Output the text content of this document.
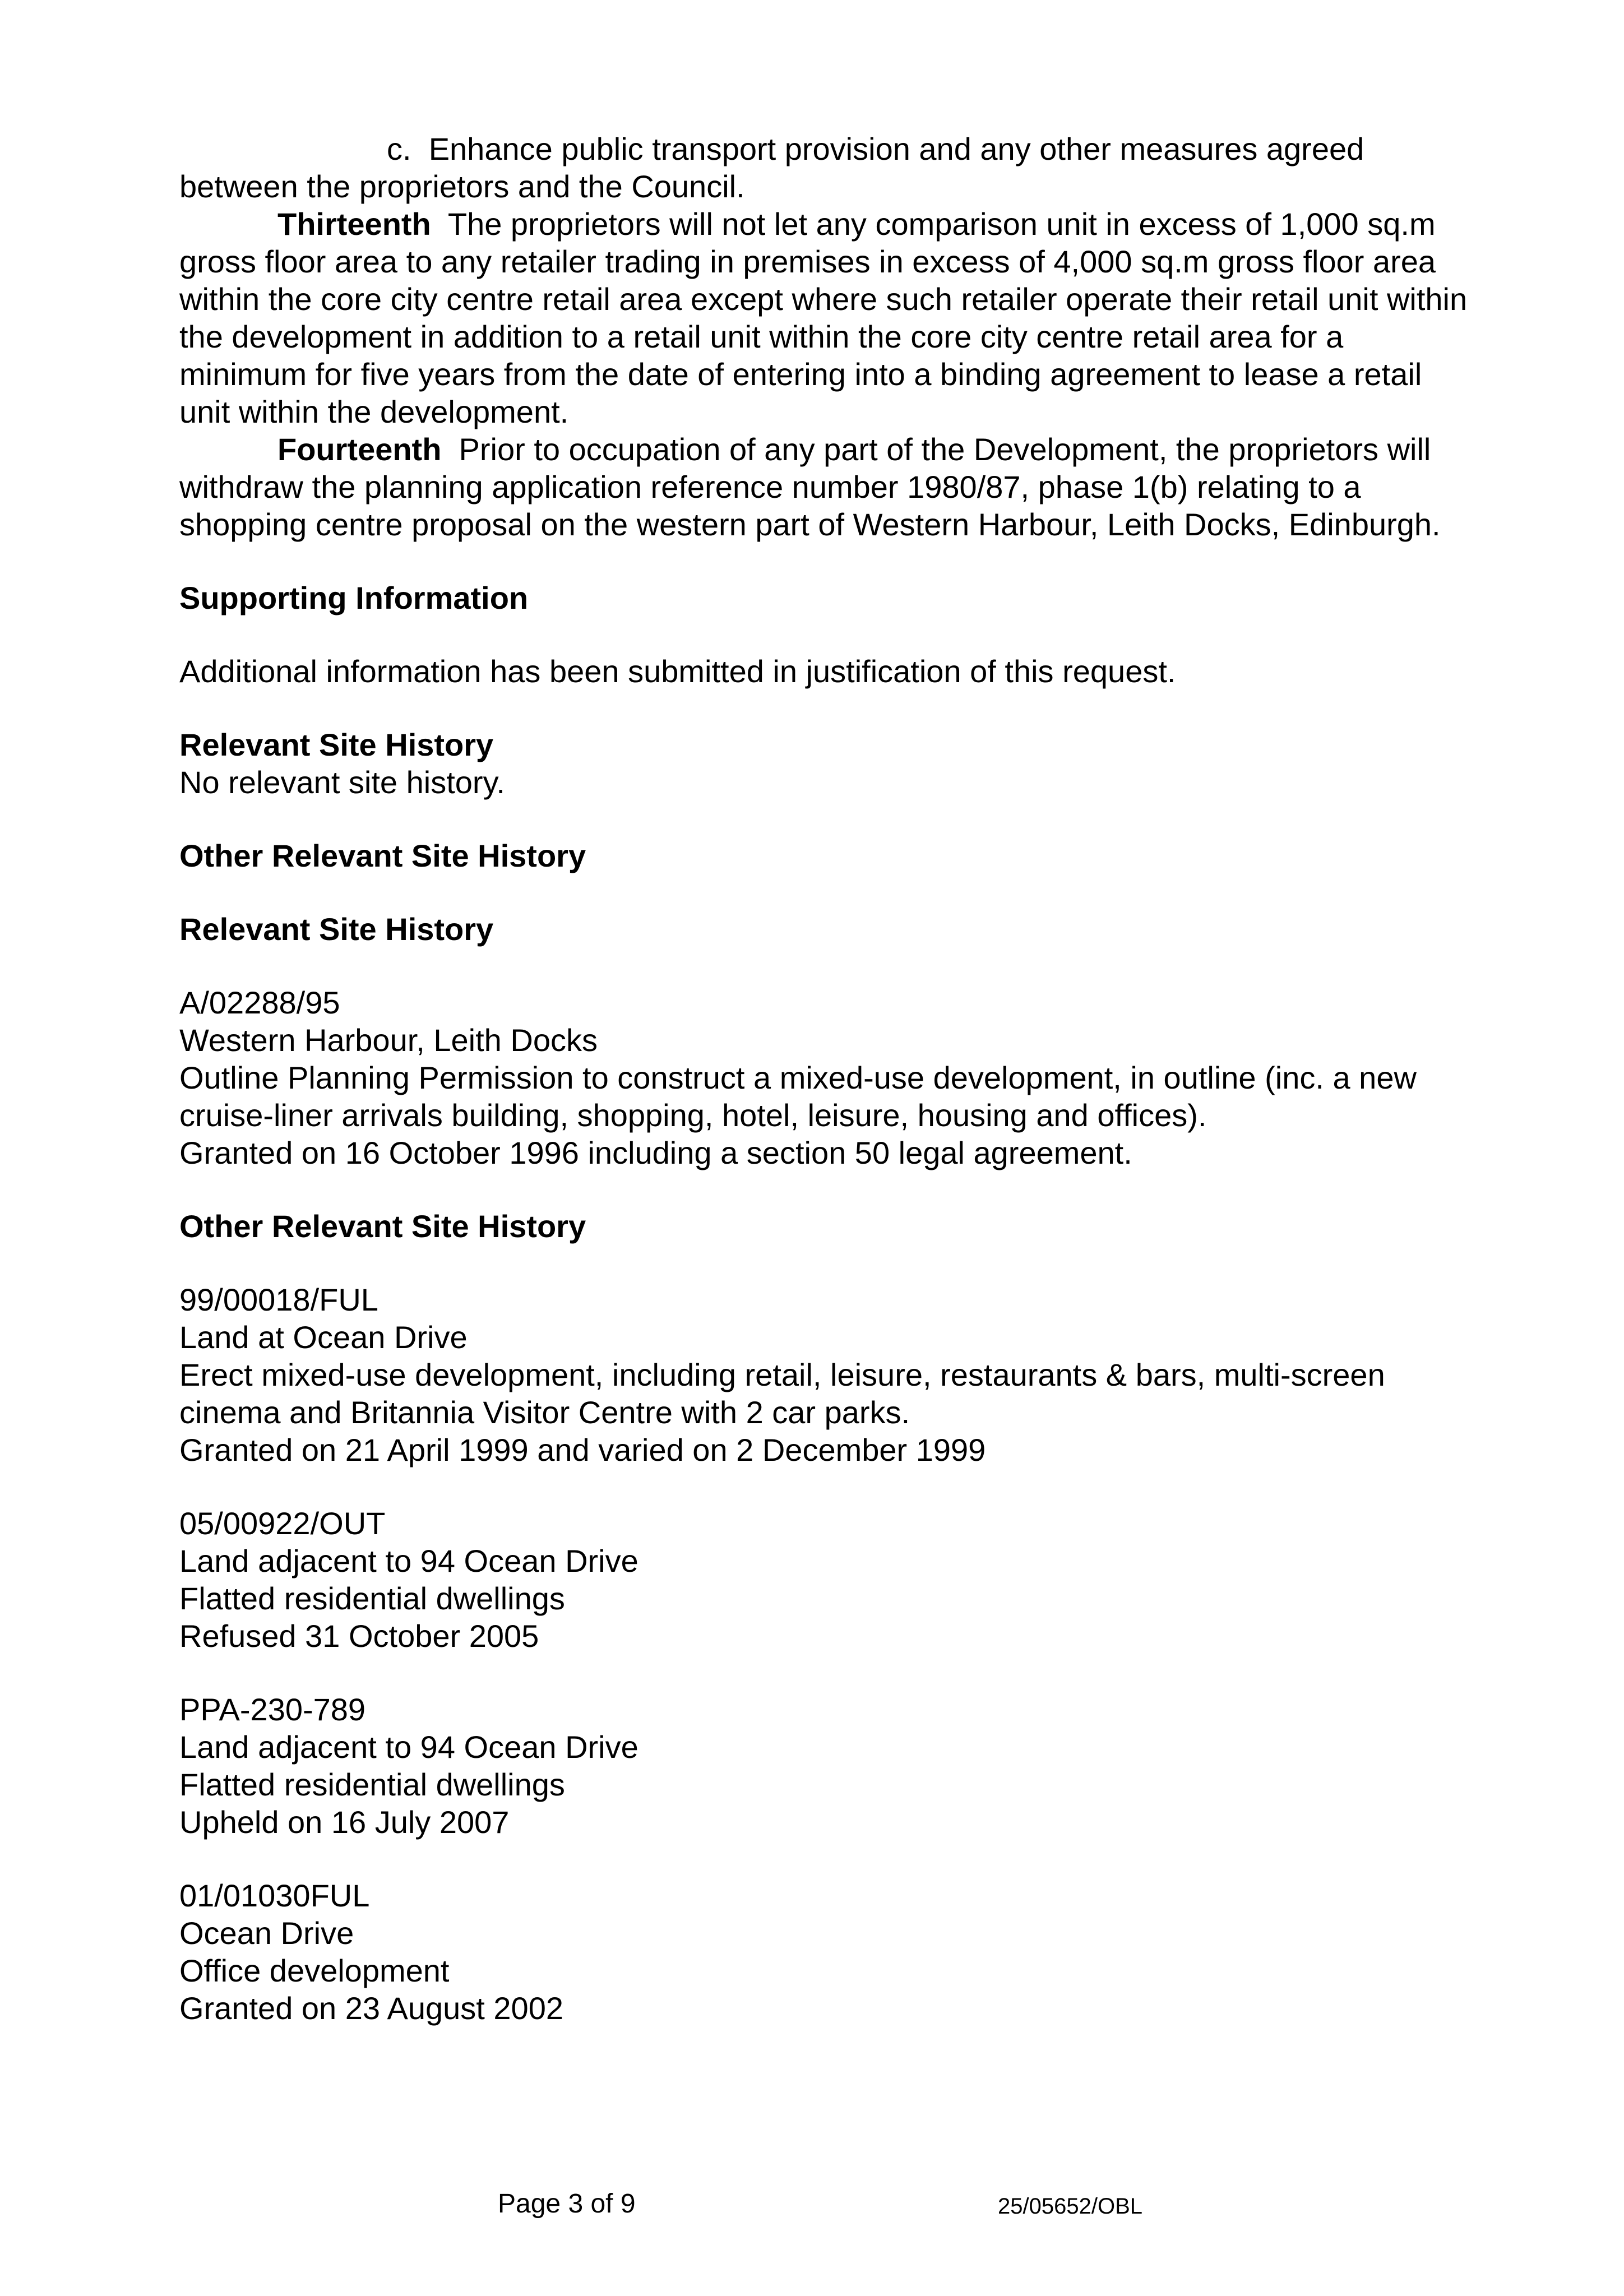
c. Enhance public transport provision and any other measures agreed

between the proprietors and the Council.

Thirteenth The proprietors will not let any comparison unit in excess of 1,000 sq.m gross floor area to any retailer trading in premises in excess of 4,000 sq.m gross floor area within the core city centre retail area except where such retailer operate their retail unit within the development in addition to a retail unit within the core city centre retail area for a minimum for five years from the date of entering into a binding agreement to lease a retail unit within the development.

Fourteenth Prior to occupation of any part of the Development, the proprietors will withdraw the planning application reference number 1980/87, phase 1(b) relating to a shopping centre proposal on the western part of Western Harbour, Leith Docks, Edinburgh.

Supporting Information

Additional information has been submitted in justification of this request.

Relevant Site History

No relevant site history.

Other Relevant Site History

Relevant Site History

A/02288/95

Western Harbour, Leith Docks

Outline Planning Permission to construct a mixed-use development, in outline (inc. a new cruise-liner arrivals building, shopping, hotel, leisure, housing and offices).

Granted on 16 October 1996 including a section 50 legal agreement.

Other Relevant Site History

99/00018/FUL

Land at Ocean Drive

Erect mixed-use development, including retail, leisure, restaurants & bars, multi-screen cinema and Britannia Visitor Centre with 2 car parks.

Granted on 21 April 1999 and varied on 2 December 1999

05/00922/OUT

Land adjacent to 94 Ocean Drive

Flatted residential dwellings

Refused 31 October 2005

PPA-230-789

Land adjacent to 94 Ocean Drive

Flatted residential dwellings

Upheld on 16 July 2007

01/01030FUL

Ocean Drive

Office development

Granted on 23 August 2002

Page 3 of 9	25/05652/OBL
